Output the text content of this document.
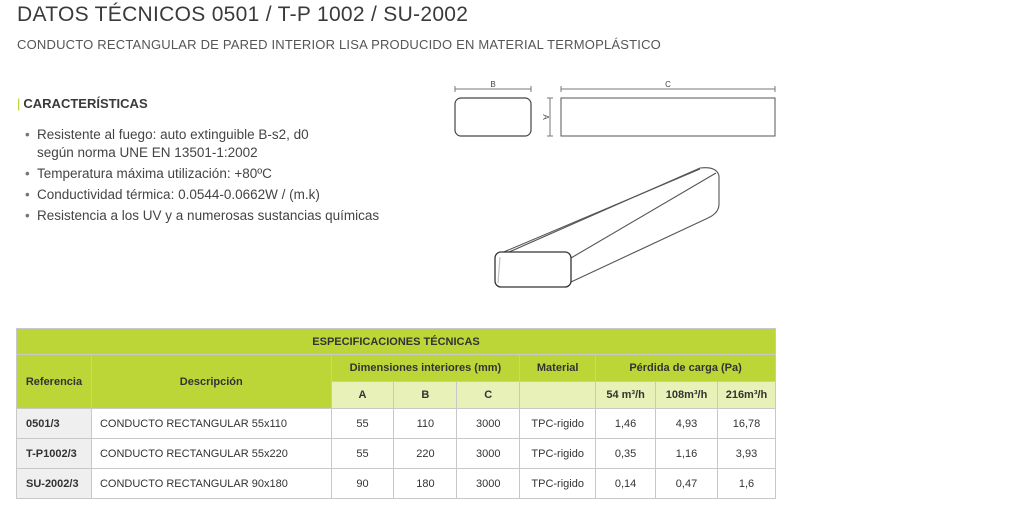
DATOS TÉCNICOS 0501 / T-P 1002 / SU-2002
CONDUCTO RECTANGULAR DE PARED INTERIOR LISA PRODUCIDO EN MATERIAL TERMOPLÁSTICO
| CARACTERÍSTICAS
• Resistente al fuego: auto extinguible B-s2, d0
según norma UNE EN 13501-1:2002
• Temperatura máxima utilización: +80ºC
• Conductividad térmica: 0.0544-0.0662W / (m.k)
• Resistencia a los UV y a numerosas sustancias químicas
B
A
C
ESPECIFICACIONES TÉCNICAS								
Referencia	Descripción	Dimensiones interiores (mm)			Material	Pérdida de carga (Pa)		
		A	B	C		54 m³/h	108m³/h	216m³/h
0501/3	CONDUCTO RECTANGULAR 55x110	55	110	3000	TPC-rigido	1,46	4,93	16,78
T-P1002/3	CONDUCTO RECTANGULAR 55x220	55	220	3000	TPC-rigido	0,35	1,16	3,93
SU-2002/3	CONDUCTO RECTANGULAR 90x180	90	180	3000	TPC-rigido	0,14	0,47	1,6
